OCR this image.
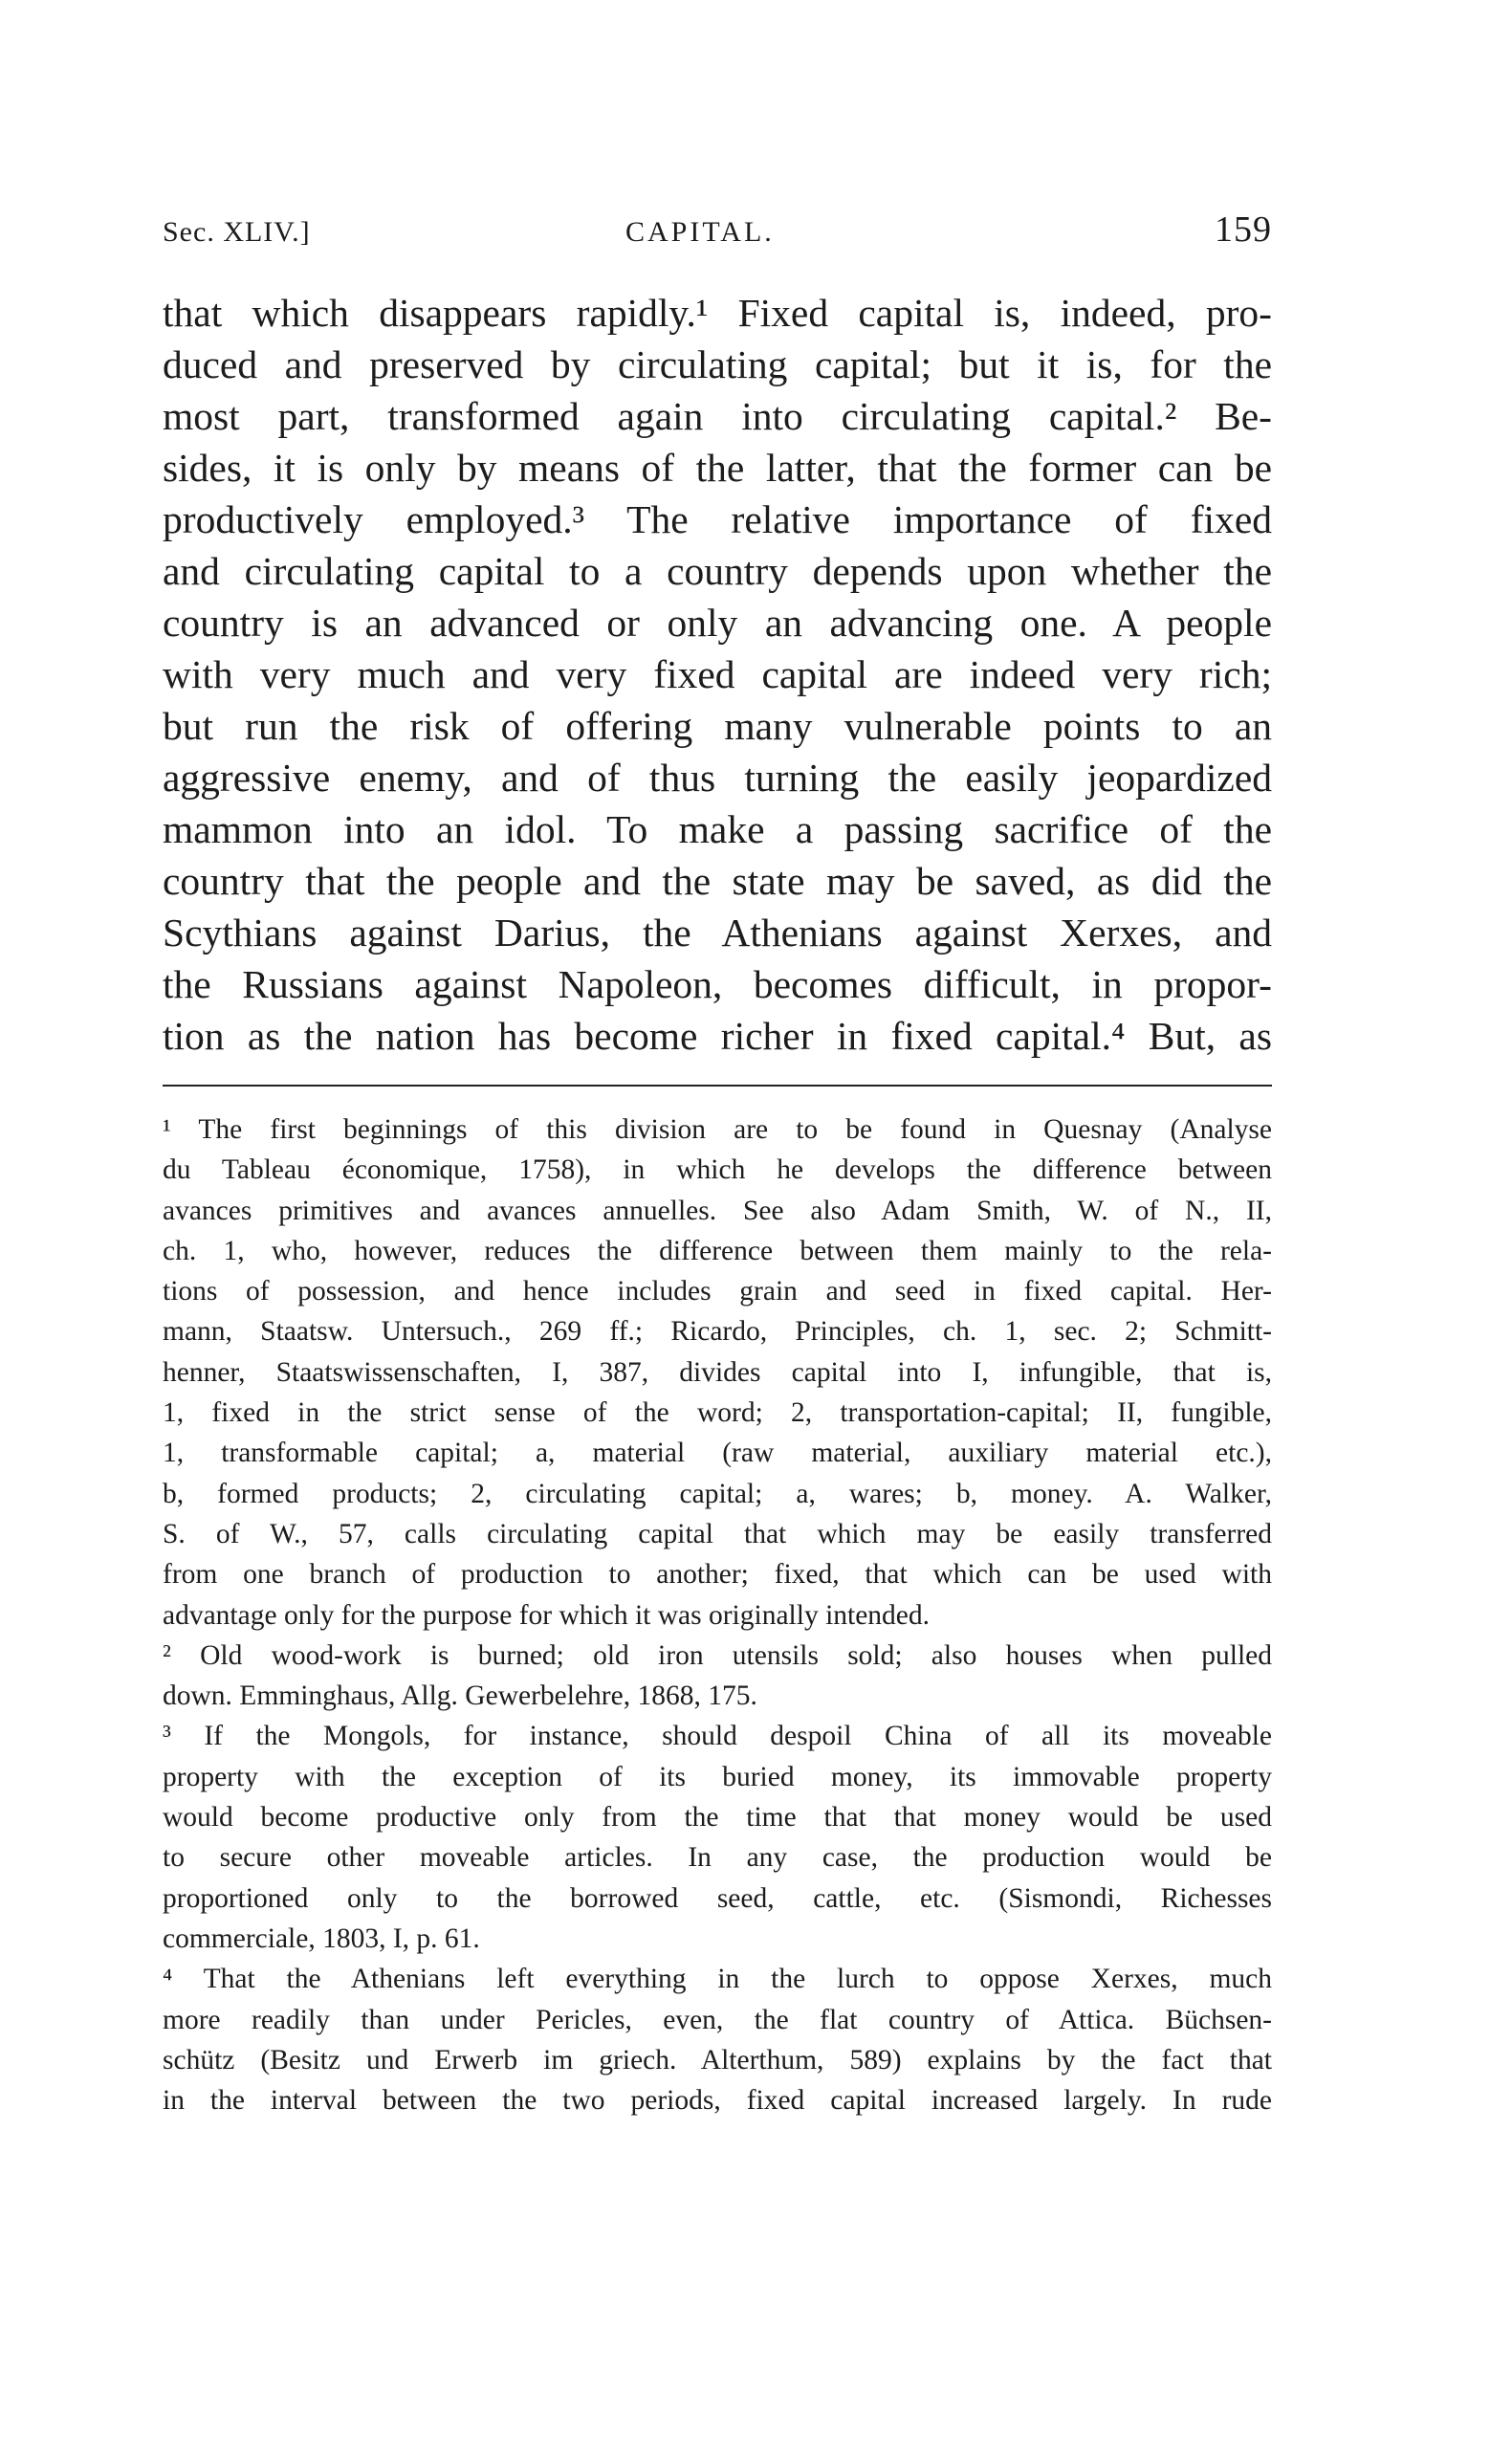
Sec. XLIV.]	CAPITAL.	159
that which disappears rapidly.¹ Fixed capital is, indeed, pro-
duced and preserved by circulating capital; but it is, for the
most part, transformed again into circulating capital.² Be-
sides, it is only by means of the latter, that the former can be
productively employed.³ The relative importance of fixed
and circulating capital to a country depends upon whether the
country is an advanced or only an advancing one. A people
with very much and very fixed capital are indeed very rich;
but run the risk of offering many vulnerable points to an
aggressive enemy, and of thus turning the easily jeopardized
mammon into an idol. To make a passing sacrifice of the
country that the people and the state may be saved, as did the
Scythians against Darius, the Athenians against Xerxes, and
the Russians against Napoleon, becomes difficult, in propor-
tion as the nation has become richer in fixed capital.⁴ But, as
¹ The first beginnings of this division are to be found in Quesnay (Analyse
du Tableau économique, 1758), in which he develops the difference between
avances primitives and avances annuelles. See also Adam Smith, W. of N., II,
ch. 1, who, however, reduces the difference between them mainly to the rela-
tions of possession, and hence includes grain and seed in fixed capital. Her-
mann, Staatsw. Untersuch., 269 ff.; Ricardo, Principles, ch. 1, sec. 2; Schmitt-
henner, Staatswissenschaften, I, 387, divides capital into I, infungible, that is,
1, fixed in the strict sense of the word; 2, transportation-capital; II, fungible,
1, transformable capital; a, material (raw material, auxiliary material etc.),
b, formed products; 2, circulating capital; a, wares; b, money. A. Walker,
S. of W., 57, calls circulating capital that which may be easily transferred
from one branch of production to another; fixed, that which can be used with
advantage only for the purpose for which it was originally intended.
² Old wood-work is burned; old iron utensils sold; also houses when pulled
down. Emminghaus, Allg. Gewerbelehre, 1868, 175.
³ If the Mongols, for instance, should despoil China of all its moveable
property with the exception of its buried money, its immovable property
would become productive only from the time that that money would be used
to secure other moveable articles. In any case, the production would be
proportioned only to the borrowed seed, cattle, etc. (Sismondi, Richesses
commerciale, 1803, I, p. 61.
⁴ That the Athenians left everything in the lurch to oppose Xerxes, much
more readily than under Pericles, even, the flat country of Attica. Büchsen-
schütz (Besitz und Erwerb im griech. Alterthum, 589) explains by the fact that
in the interval between the two periods, fixed capital increased largely. In rude
